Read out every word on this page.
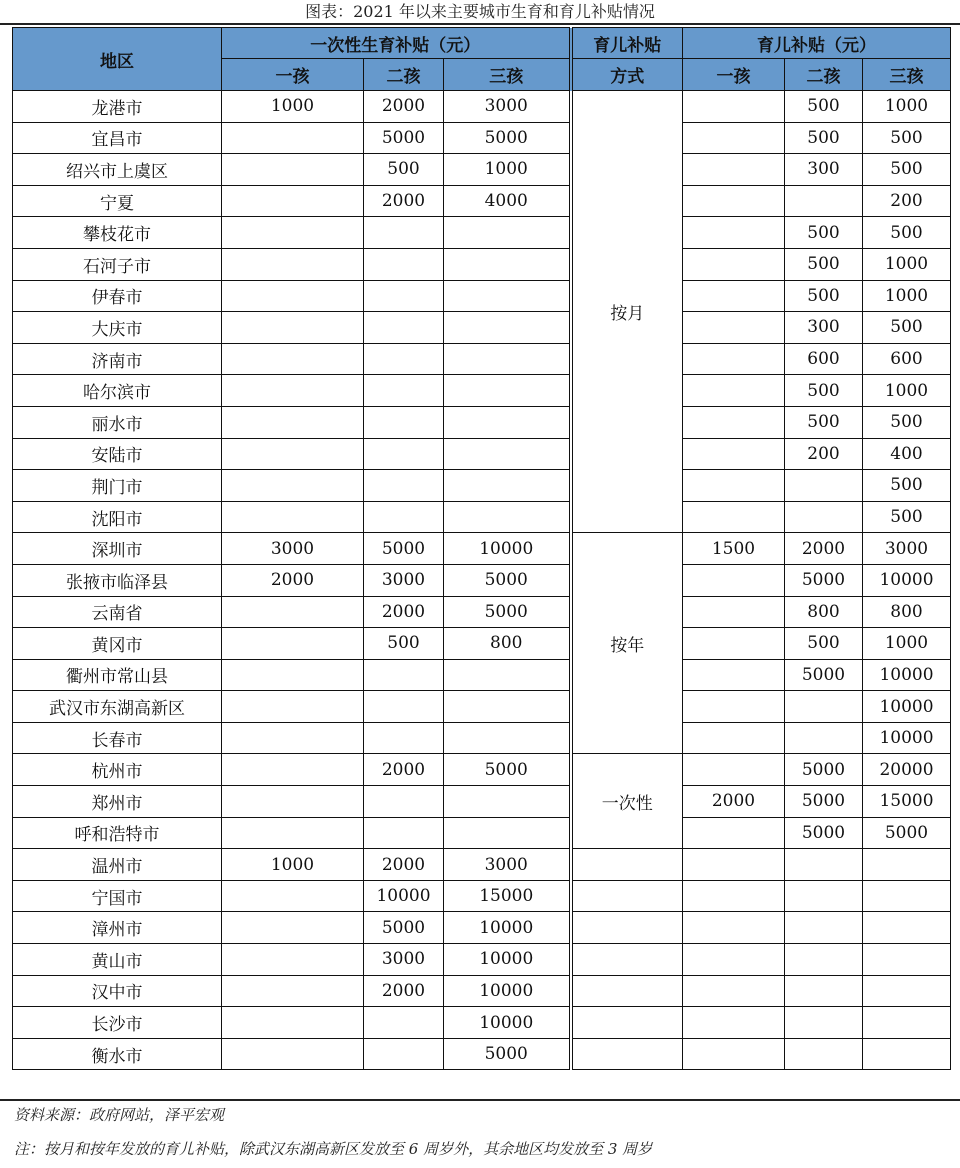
图表：2021 年以来主要城市生育和育儿补贴情况
地区	一次性生育补贴（元）			育儿补贴	育儿补贴（元）		
	一孩	二孩	三孩	方式	一孩	二孩	三孩
龙港市	1000	2000	3000	按月		500	1000
宜昌市		5000	5000			500	500
绍兴市上虞区		500	1000			300	500
宁夏		2000	4000				200
攀枝花市						500	500
石河子市						500	1000
伊春市						500	1000
大庆市						300	500
济南市						600	600
哈尔滨市						500	1000
丽水市						500	500
安陆市						200	400
荆门市							500
沈阳市							500
深圳市	3000	5000	10000	按年	1500	2000	3000
张掖市临泽县	2000	3000	5000			5000	10000
云南省		2000	5000			800	800
黄冈市		500	800			500	1000
衢州市常山县						5000	10000
武汉市东湖高新区							10000
长春市							10000
杭州市		2000	5000	一次性		5000	20000
郑州市					2000	5000	15000
呼和浩特市						5000	5000
温州市	1000	2000	3000				
宁国市		10000	15000				
漳州市		5000	10000				
黄山市		3000	10000				
汉中市		2000	10000				
长沙市			10000				
衡水市			5000				
资料来源：政府网站，泽平宏观
注：按月和按年发放的育儿补贴，除武汉东湖高新区发放至 6 周岁外，其余地区均发放至 3 周岁
